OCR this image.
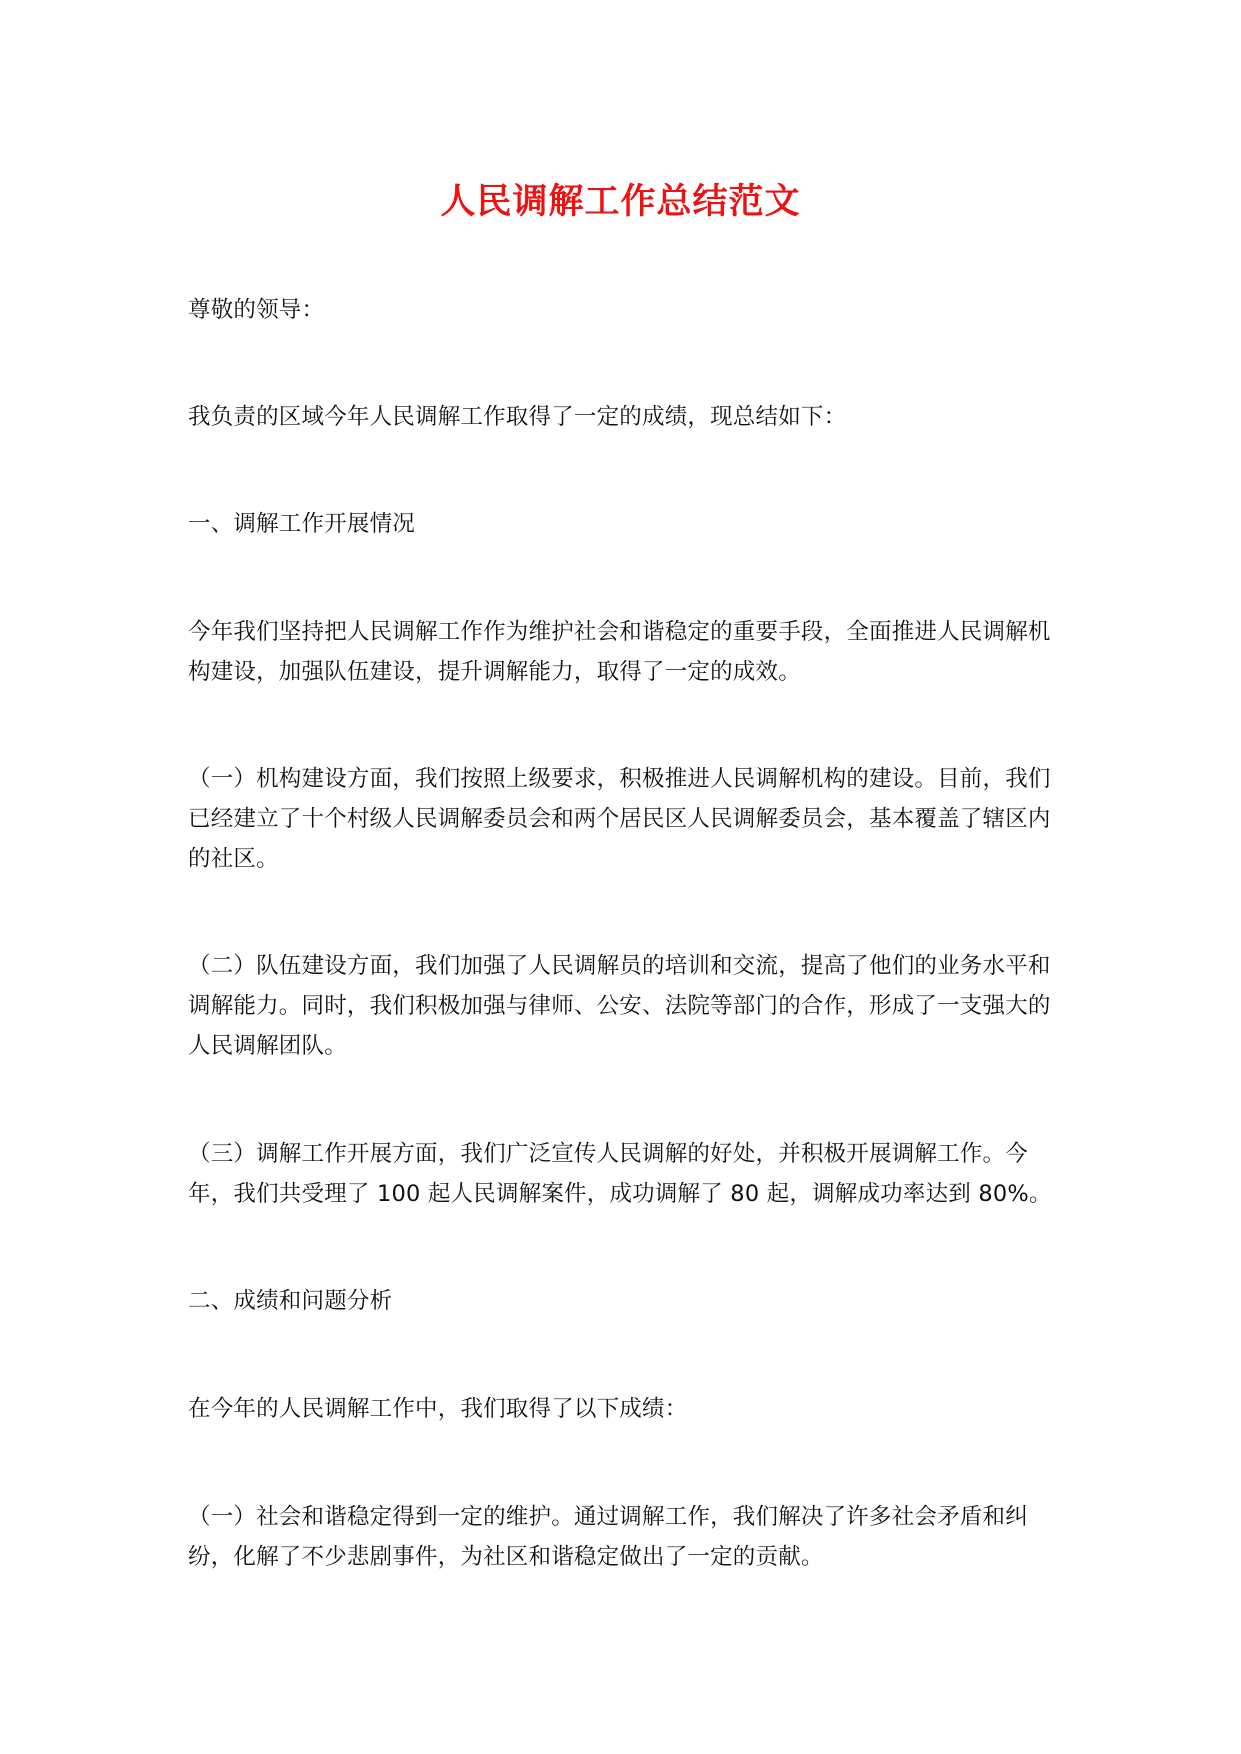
人民调解工作总结范文

尊敬的领导：

我负责的区域今年人民调解工作取得了一定的成绩，现总结如下：

一、调解工作开展情况

今年我们坚持把人民调解工作作为维护社会和谐稳定的重要手段，全面推进人民调解机构建设，加强队伍建设，提升调解能力，取得了一定的成效。

（一）机构建设方面，我们按照上级要求，积极推进人民调解机构的建设。目前，我们已经建立了十个村级人民调解委员会和两个居民区人民调解委员会，基本覆盖了辖区内的社区。

（二）队伍建设方面，我们加强了人民调解员的培训和交流，提高了他们的业务水平和调解能力。同时，我们积极加强与律师、公安、法院等部门的合作，形成了一支强大的人民调解团队。

（三）调解工作开展方面，我们广泛宣传人民调解的好处，并积极开展调解工作。今年，我们共受理了 100 起人民调解案件，成功调解了 80 起，调解成功率达到 80%。

二、成绩和问题分析

在今年的人民调解工作中，我们取得了以下成绩：

（一）社会和谐稳定得到一定的维护。通过调解工作，我们解决了许多社会矛盾和纠纷，化解了不少悲剧事件，为社区和谐稳定做出了一定的贡献。
